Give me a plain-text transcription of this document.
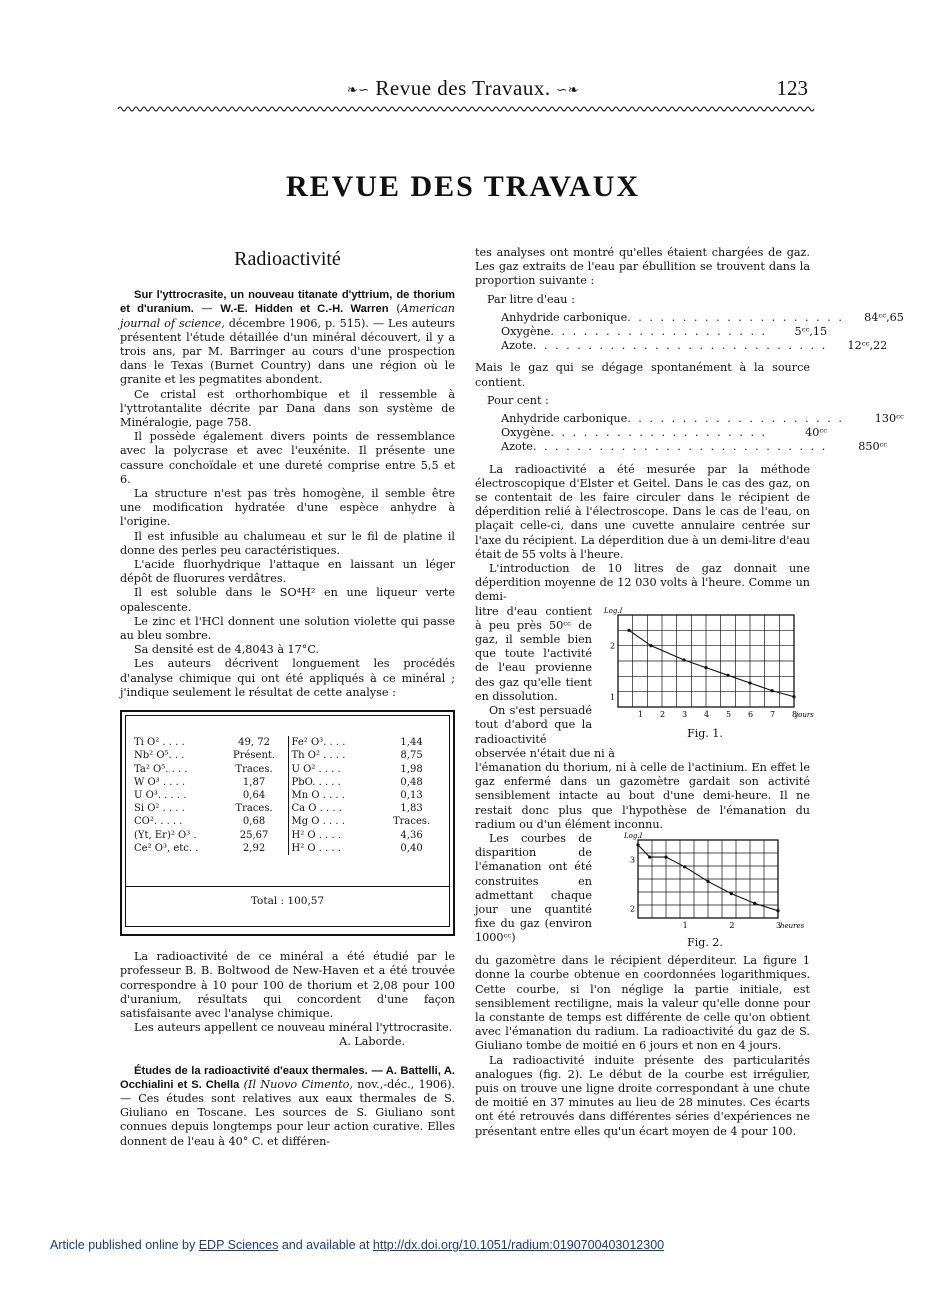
❧∽ Revue des Travaux. ∽❧	123
REVUE DES TRAVAUX
Radioactivité

Sur l'yttrocrasite, un nouveau titanate d'yttrium, de thorium et d'uranium. — W.-E. Hidden et C.-H. Warren (American journal of science, décembre 1906, p. 515). — Les auteurs présentent l'étude détaillée d'un minéral découvert, il y a trois ans, par M. Barringer au cours d'une prospection dans le Texas (Burnet Country) dans une région où le granite et les pegmatites abondent.

Ce cristal est orthorhombique et il ressemble à l'yttrotantalite décrite par Dana dans son système de Minéralogie, page 758.

Il possède également divers points de ressemblance avec la polycrase et avec l'euxénite. Il présente une cassure conchoïdale et une dureté comprise entre 5,5 et 6.

La structure n'est pas très homogène, il semble être une modification hydratée d'une espèce anhydre à l'origine.

Il est infusible au chalumeau et sur le fil de platine il donne des perles peu caractéristiques.

L'acide fluorhydrique l'attaque en laissant un léger dépôt de fluorures verdâtres.

Il est soluble dans le SO⁴H² en une liqueur verte opalescente.

Le zinc et l'HCl donnent une solution violette qui passe au bleu sombre.

Sa densité est de 4,8043 à 17°C.

Les auteurs décrivent longuement les procédés d'analyse chimique qui ont été appliqués à ce minéral ; j'indique seulement le résultat de cette analyse :

Ti O² . . . .	49, 72	Fe² O³. . . .	1,44
Nb² O⁵. . .	Présent.	Th O² . . . .	8,75
Ta² O⁵. . . .	Traces.	U O² . . . .	1,98
W O³ . . . .	1,87	PbO. . . . .	0,48
U O³. . . . .	0,64	Mn O . . . .	0,13
Si O² . . . .	Traces.	Ca O . . . .	1,83
CO². . . . .	0,68	Mg O . . . .	Traces.
(Yt, Er)² O³ .	25,67	H² O . . . .	4,36
Ce² O³, etc. .	2,92	H² O . . . .	0,40
Total : 100,57

La radioactivité de ce minéral a été étudié par le professeur B. B. Boltwood de New-Haven et a été trouvée correspondre à 10 pour 100 de thorium et 2,08 pour 100 d'uranium, résultats qui concordent d'une façon satisfaisante avec l'analyse chimique.

Les auteurs appellent ce nouveau minéral l'yttrocrasite.

A. Laborde.

Études de la radioactivité d'eaux thermales. — A. Battelli, A. Occhialini et S. Chella (Il Nuovo Cimento, nov.,-déc., 1906). — Ces études sont relatives aux eaux thermales de S. Giuliano en Toscane. Les sources de S. Giuliano sont connues depuis longtemps pour leur action curative. Elles donnent de l'eau à 40° C. et différen-

tes analyses ont montré qu'elles étaient chargées de gaz. Les gaz extraits de l'eau par ébullition se trouvent dans la proportion suivante :

Par litre d'eau :
Anhydride carbonique . . . . . . . . . . . . . . . . . . . .	84ᶜᶜ,65
Oxygène . . . . . . . . . . . . . . . . . . . .	5ᶜᶜ,15
Azote . . . . . . . . . . . . . . . . . . . . . . . . . . .	12ᶜᶜ,22

Mais le gaz qui se dégage spontanément à la source contient.

Pour cent :
Anhydride carbonique . . . . . . . . . . . . . . . . . . . .	130ᶜᶜ
Oxygène . . . . . . . . . . . . . . . . . . . .	40ᶜᶜ
Azote . . . . . . . . . . . . . . . . . . . . . . . . . . .	850ᶜᶜ

La radioactivité a été mesurée par la méthode électroscopique d'Elster et Geitel. Dans le cas des gaz, on se contentait de les faire circuler dans le récipient de déperdition relié à l'électroscope. Dans le cas de l'eau, on plaçait celle-ci, dans une cuvette annulaire centrée sur l'axe du récipient. La déperdition due à un demi-litre d'eau était de 55 volts à l'heure.

L'introduction de 10 litres de gaz donnait une déperdition moyenne de 12 030 volts à l'heure. Comme un demi-

Log.I
2
1
1 2 3 4 5 6 7 8
jours
Fig. 1.

litre d'eau contient à peu près 50ᶜᶜ de gaz, il semble bien que toute l'activité de l'eau provienne des gaz qu'elle tient en dissolution.

On s'est persuadé tout d'abord que la radioactivité observée n'était due ni à

l'émanation du thorium, ni à celle de l'actinium. En effet le gaz enfermé dans un gazomètre gardait son activité sensiblement intacte au bout d'une demi-heure. Il ne restait donc plus que l'hypothèse de l'émanation du radium ou d'un élément inconnu.

Log.I
3
2
1	2	3
heures
Fig. 2.

Les courbes de disparition de l'émanation ont été construites en admettant chaque jour une quantité fixe du gaz (environ 1000ᶜᶜ)

du gazomètre dans le récipient déperditeur. La figure 1 donne la courbe obtenue en coordonnées logarithmiques. Cette courbe, si l'on néglige la partie initiale, est sensiblement rectiligne, mais la valeur qu'elle donne pour la constante de temps est différente de celle qu'on obtient avec l'émanation du radium. La radioactivité du gaz de S. Giuliano tombe de moitié en 6 jours et non en 4 jours.

La radioactivité induite présente des particularités analogues (fig. 2). Le début de la courbe est irrégulier, puis on trouve une ligne droite correspondant à une chute de moitié en 37 minutes au lieu de 28 minutes. Ces écarts ont été retrouvés dans différentes séries d'expériences ne présentant entre elles qu'un écart moyen de 4 pour 100.

Article published online by EDP Sciences and available at http://dx.doi.org/10.1051/radium:0190700403012300
